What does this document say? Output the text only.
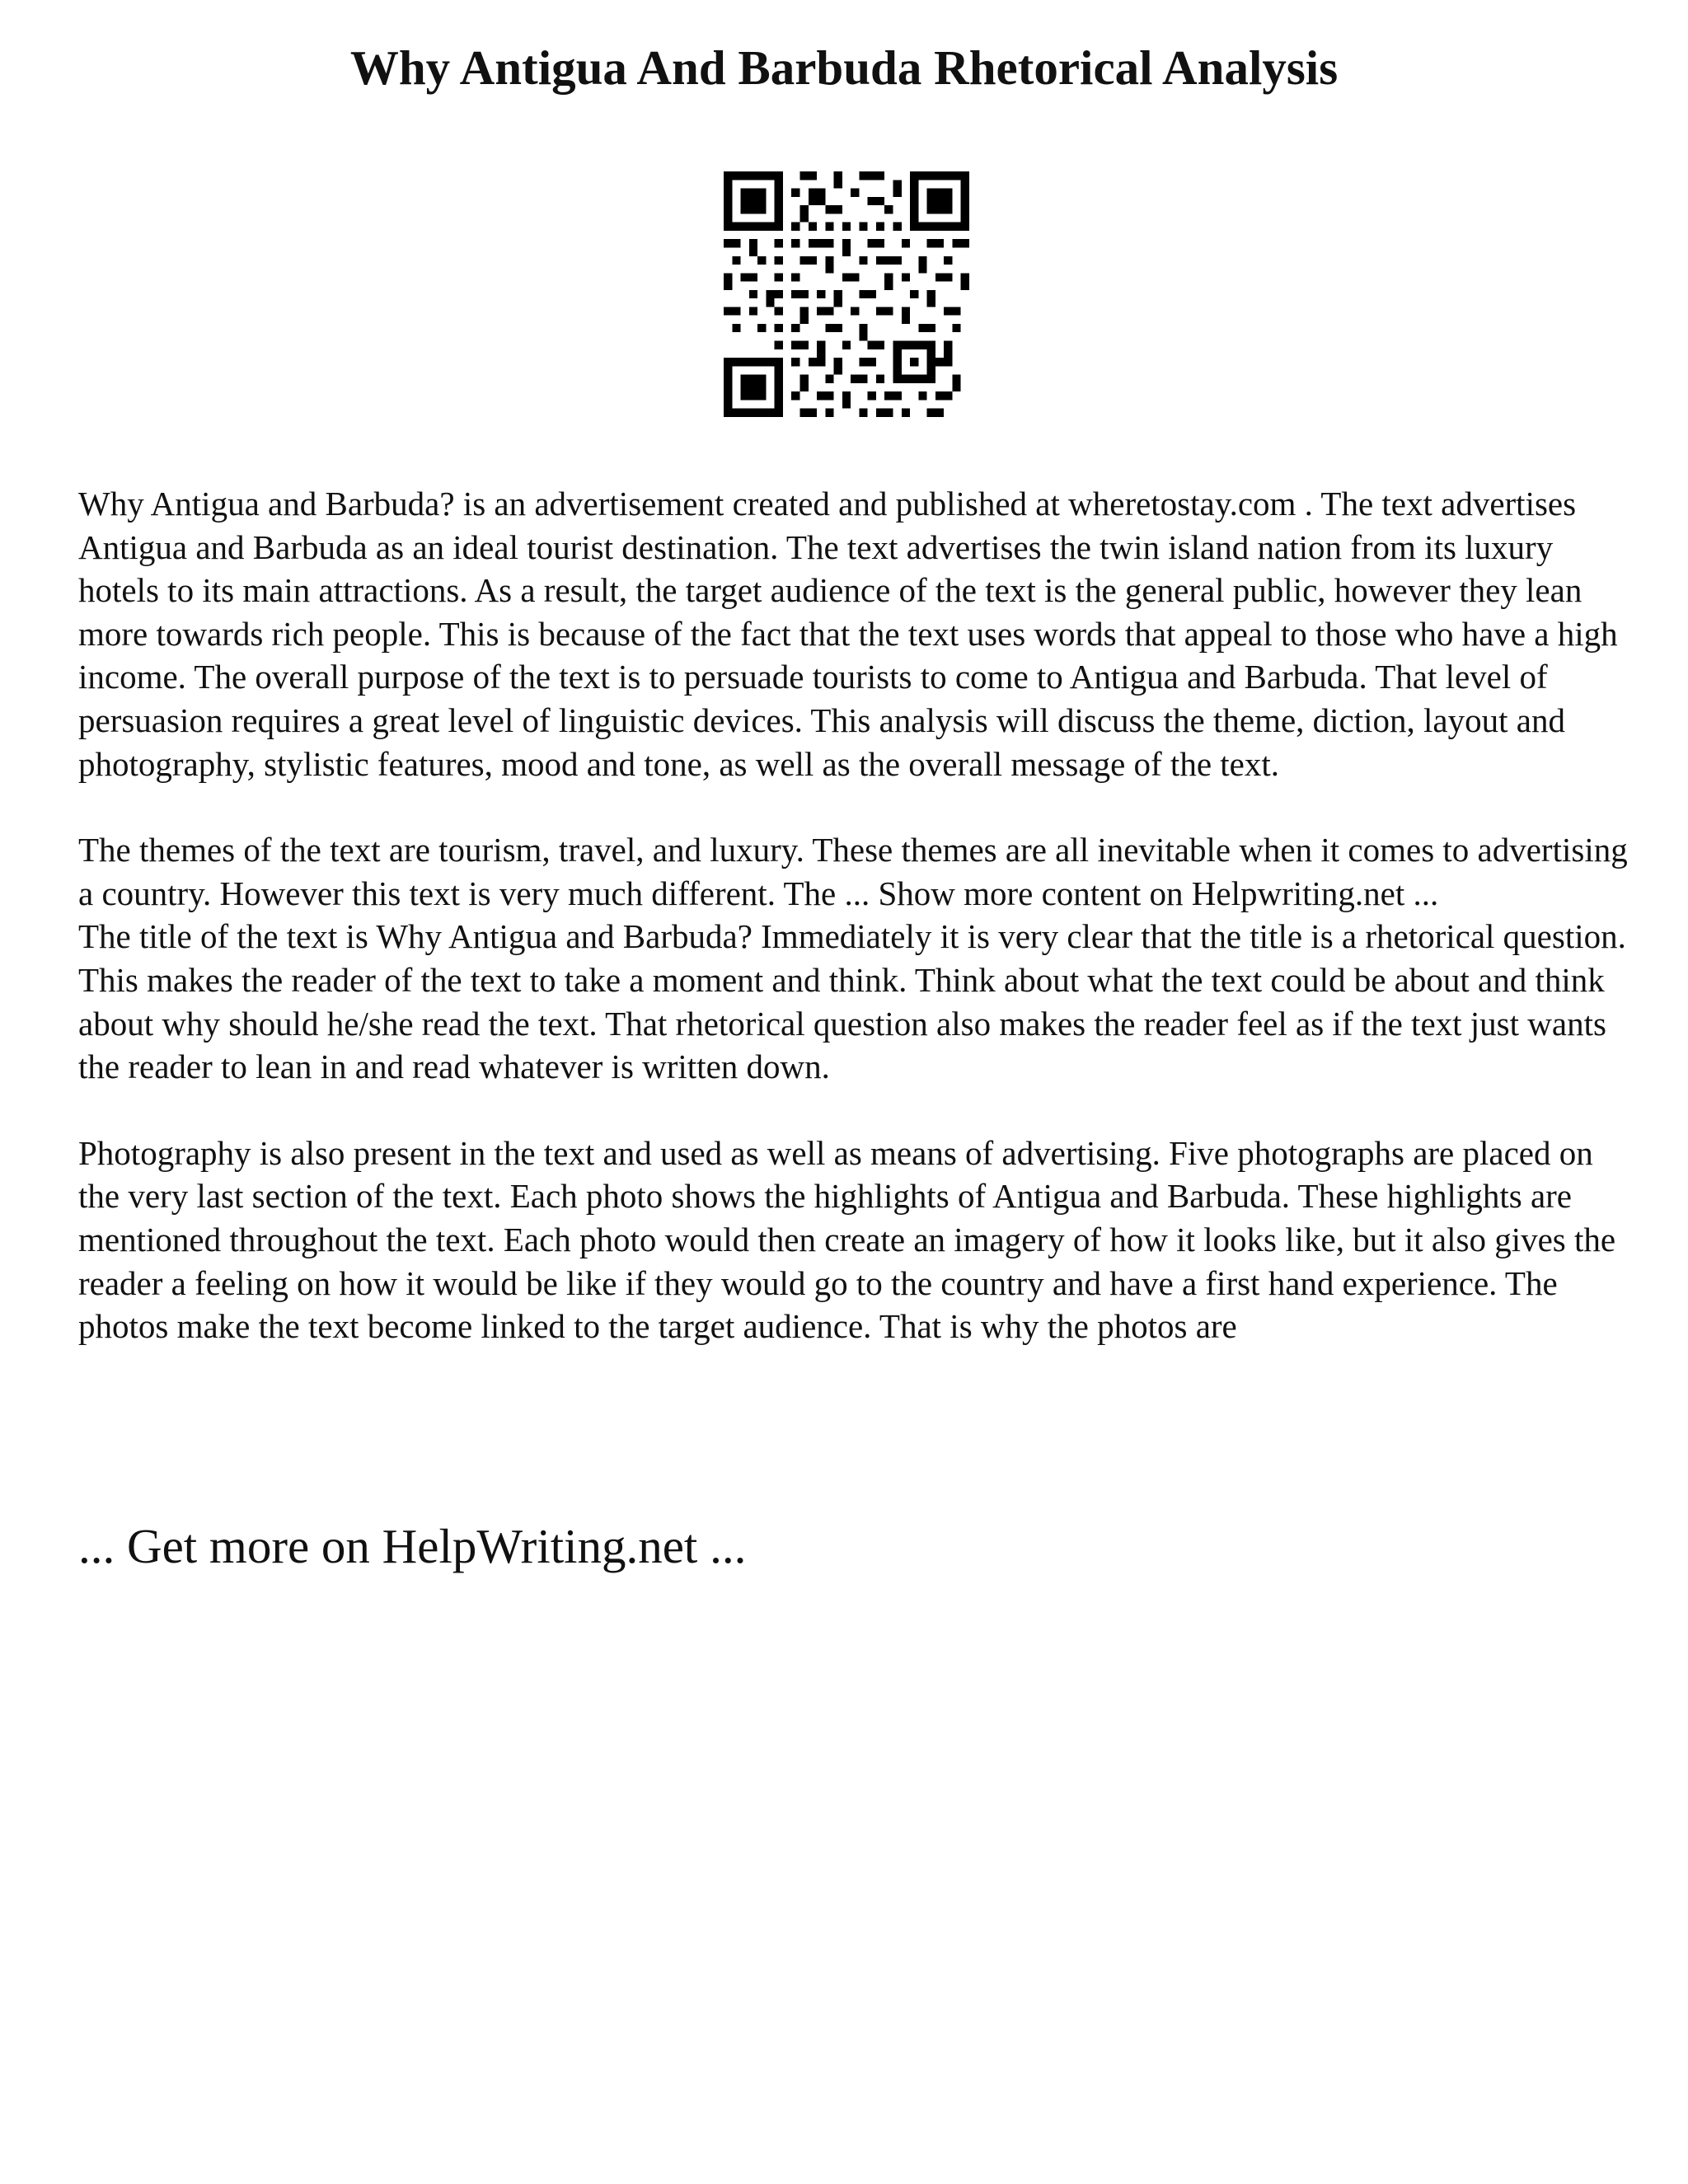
Why Antigua And Barbuda Rhetorical Analysis

Why Antigua and Barbuda? is an advertisement created and published at wheretostay.com . The text advertises Antigua and Barbuda as an ideal tourist destination. The text advertises the twin island nation from its luxury hotels to its main attractions. As a result, the target audience of the text is the general public, however they lean more towards rich people. This is because of the fact that the text uses words that appeal to those who have a high income. The overall purpose of the text is to persuade tourists to come to Antigua and Barbuda. That level of persuasion requires a great level of linguistic devices. This analysis will discuss the theme, diction, layout and photography, stylistic features, mood and tone, as well as the overall message of the text.

The themes of the text are tourism, travel, and luxury. These themes are all inevitable when it comes to advertising a country. However this text is very much different. The ... Show more content on Helpwriting.net ...

The title of the text is Why Antigua and Barbuda? Immediately it is very clear that the title is a rhetorical question. This makes the reader of the text to take a moment and think. Think about what the text could be about and think about why should he/she read the text. That rhetorical question also makes the reader feel as if the text just wants the reader to lean in and read whatever is written down.

Photography is also present in the text and used as well as means of advertising. Five photographs are placed on the very last section of the text. Each photo shows the highlights of Antigua and Barbuda. These highlights are mentioned throughout the text. Each photo would then create an imagery of how it looks like, but it also gives the reader a feeling on how it would be like if they would go to the country and have a first hand experience. The photos make the text become linked to the target audience. That is why the photos are

... Get more on HelpWriting.net ...
